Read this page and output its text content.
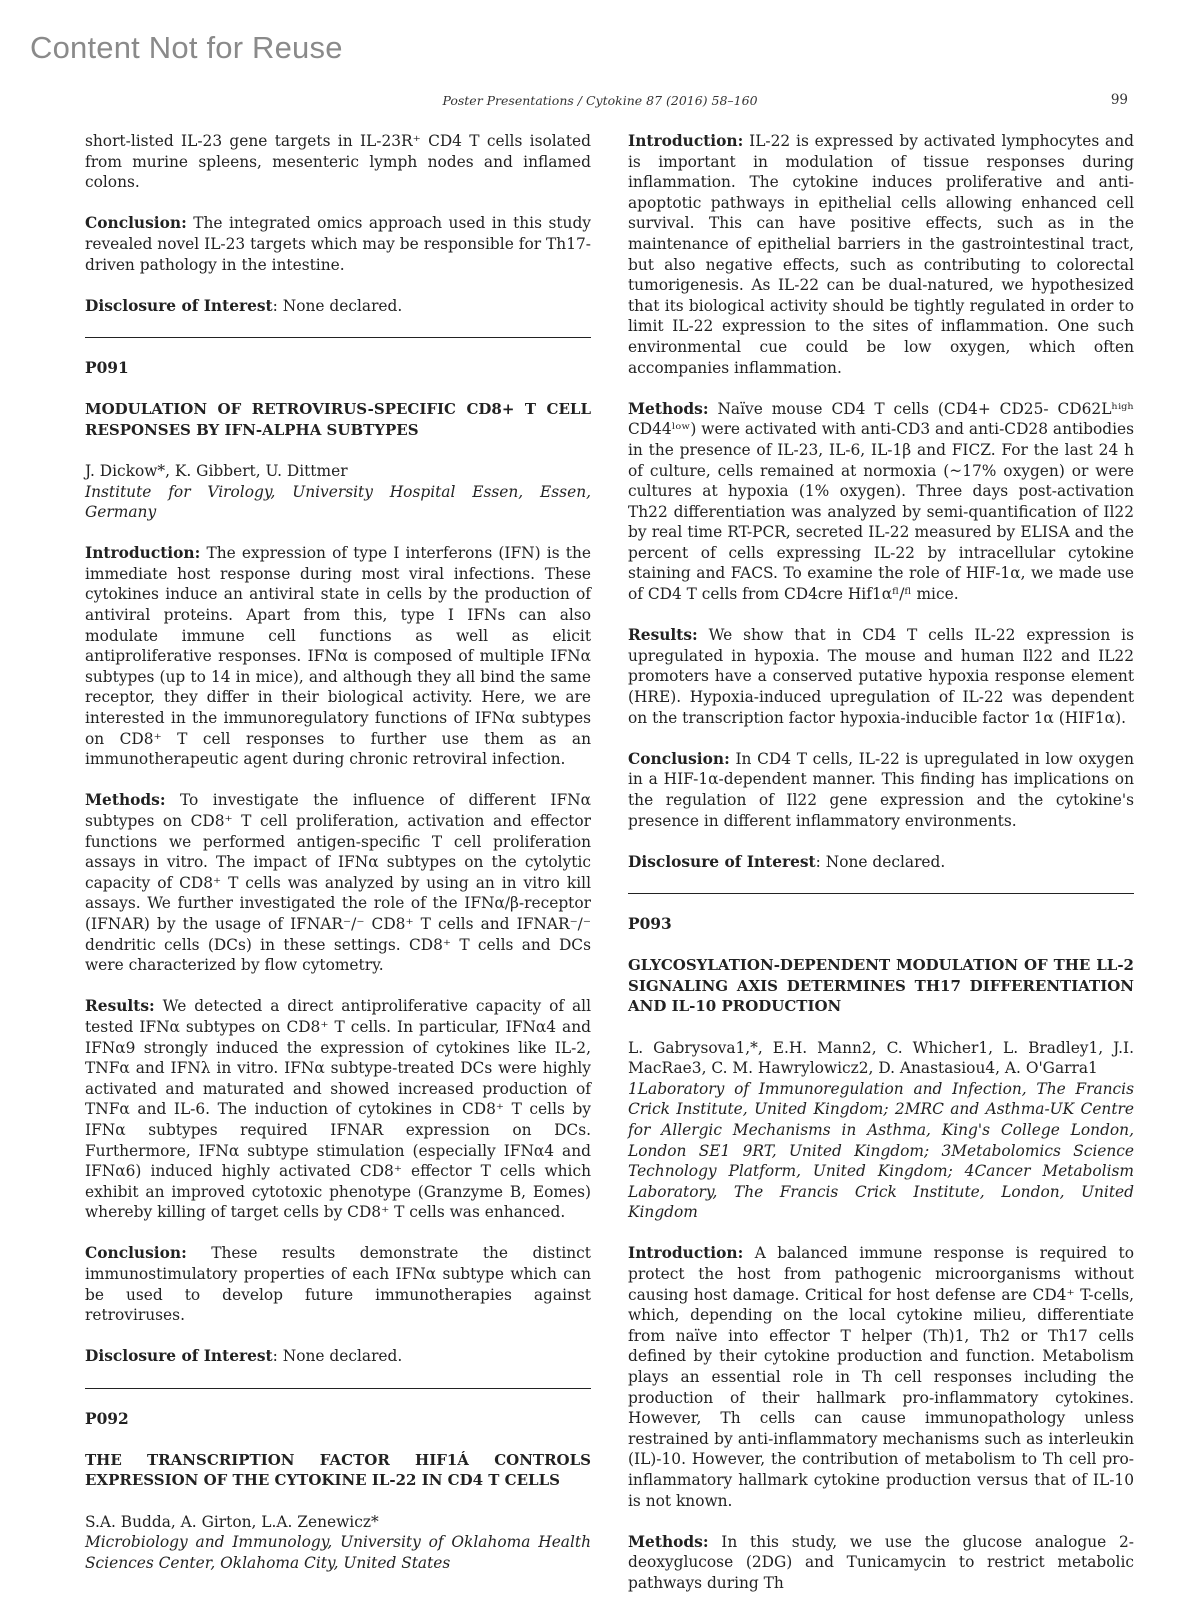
Content Not for Reuse
Poster Presentations / Cytokine 87 (2016) 58–160	99

short-listed IL-23 gene targets in IL-23R⁺ CD4 T cells isolated from murine spleens, mesenteric lymph nodes and inflamed colons.

Conclusion: The integrated omics approach used in this study revealed novel IL-23 targets which may be responsible for Th17-driven pathology in the intestine.

Disclosure of Interest: None declared.

P091
MODULATION OF RETROVIRUS-SPECIFIC CD8+ T CELL RESPONSES BY IFN-ALPHA SUBTYPES

J. Dickow*, K. Gibbert, U. Dittmer

Institute for Virology, University Hospital Essen, Essen, Germany

Introduction: The expression of type I interferons (IFN) is the immediate host response during most viral infections. These cytokines induce an antiviral state in cells by the production of antiviral proteins. Apart from this, type I IFNs can also modulate immune cell functions as well as elicit antiproliferative responses. IFNα is composed of multiple IFNα subtypes (up to 14 in mice), and although they all bind the same receptor, they differ in their biological activity. Here, we are interested in the immunoregulatory functions of IFNα subtypes on CD8⁺ T cell responses to further use them as an immunotherapeutic agent during chronic retroviral infection.

Methods: To investigate the influence of different IFNα subtypes on CD8⁺ T cell proliferation, activation and effector functions we performed antigen-specific T cell proliferation assays in vitro. The impact of IFNα subtypes on the cytolytic capacity of CD8⁺ T cells was analyzed by using an in vitro kill assays. We further investigated the role of the IFNα/β-receptor (IFNAR) by the usage of IFNAR⁻/⁻ CD8⁺ T cells and IFNAR⁻/⁻ dendritic cells (DCs) in these settings. CD8⁺ T cells and DCs were characterized by flow cytometry.

Results: We detected a direct antiproliferative capacity of all tested IFNα subtypes on CD8⁺ T cells. In particular, IFNα4 and IFNα9 strongly induced the expression of cytokines like IL-2, TNFα and IFNλ in vitro. IFNα subtype-treated DCs were highly activated and maturated and showed increased production of TNFα and IL-6. The induction of cytokines in CD8⁺ T cells by IFNα subtypes required IFNAR expression on DCs. Furthermore, IFNα subtype stimulation (especially IFNα4 and IFNα6) induced highly activated CD8⁺ effector T cells which exhibit an improved cytotoxic phenotype (Granzyme B, Eomes) whereby killing of target cells by CD8⁺ T cells was enhanced.

Conclusion: These results demonstrate the distinct immunostimulatory properties of each IFNα subtype which can be used to develop future immunotherapies against retroviruses.

Disclosure of Interest: None declared.

P092
THE TRANSCRIPTION FACTOR HIF1Á CONTROLS EXPRESSION OF THE CYTOKINE IL-22 IN CD4 T CELLS

S.A. Budda, A. Girton, L.A. Zenewicz*

Microbiology and Immunology, University of Oklahoma Health Sciences Center, Oklahoma City, United States

Introduction: IL-22 is expressed by activated lymphocytes and is important in modulation of tissue responses during inflammation. The cytokine induces proliferative and anti-apoptotic pathways in epithelial cells allowing enhanced cell survival. This can have positive effects, such as in the maintenance of epithelial barriers in the gastrointestinal tract, but also negative effects, such as contributing to colorectal tumorigenesis. As IL-22 can be dual-natured, we hypothesized that its biological activity should be tightly regulated in order to limit IL-22 expression to the sites of inflammation. One such environmental cue could be low oxygen, which often accompanies inflammation.

Methods: Naïve mouse CD4 T cells (CD4+ CD25- CD62Lʰⁱᵍʰ CD44ˡᵒʷ) were activated with anti-CD3 and anti-CD28 antibodies in the presence of IL-23, IL-6, IL-1β and FICZ. For the last 24 h of culture, cells remained at normoxia (~17% oxygen) or were cultures at hypoxia (1% oxygen). Three days post-activation Th22 differentiation was analyzed by semi-quantification of Il22 by real time RT-PCR, secreted IL-22 measured by ELISA and the percent of cells expressing IL-22 by intracellular cytokine staining and FACS. To examine the role of HIF-1α, we made use of CD4 T cells from CD4cre Hif1αᶠˡ/ᶠˡ mice.

Results: We show that in CD4 T cells IL-22 expression is upregulated in hypoxia. The mouse and human Il22 and IL22 promoters have a conserved putative hypoxia response element (HRE). Hypoxia-induced upregulation of IL-22 was dependent on the transcription factor hypoxia-inducible factor 1α (HIF1α).

Conclusion: In CD4 T cells, IL-22 is upregulated in low oxygen in a HIF-1α-dependent manner. This finding has implications on the regulation of Il22 gene expression and the cytokine's presence in different inflammatory environments.

Disclosure of Interest: None declared.

P093
GLYCOSYLATION-DEPENDENT MODULATION OF THE LL-2 SIGNALING AXIS DETERMINES TH17 DIFFERENTIATION AND IL-10 PRODUCTION

L. Gabrysova1,*, E.H. Mann2, C. Whicher1, L. Bradley1, J.I. MacRae3, C. M. Hawrylowicz2, D. Anastasiou4, A. O'Garra1

1Laboratory of Immunoregulation and Infection, The Francis Crick Institute, United Kingdom; 2MRC and Asthma-UK Centre for Allergic Mechanisms in Asthma, King's College London, London SE1 9RT, United Kingdom; 3Metabolomics Science Technology Platform, United Kingdom; 4Cancer Metabolism Laboratory, The Francis Crick Institute, London, United Kingdom

Introduction: A balanced immune response is required to protect the host from pathogenic microorganisms without causing host damage. Critical for host defense are CD4⁺ T-cells, which, depending on the local cytokine milieu, differentiate from naïve into effector T helper (Th)1, Th2 or Th17 cells defined by their cytokine production and function. Metabolism plays an essential role in Th cell responses including the production of their hallmark pro-inflammatory cytokines. However, Th cells can cause immunopathology unless restrained by anti-inflammatory mechanisms such as interleukin (IL)-10. However, the contribution of metabolism to Th cell pro-inflammatory hallmark cytokine production versus that of IL-10 is not known.

Methods: In this study, we use the glucose analogue 2-deoxyglucose (2DG) and Tunicamycin to restrict metabolic pathways during Th
